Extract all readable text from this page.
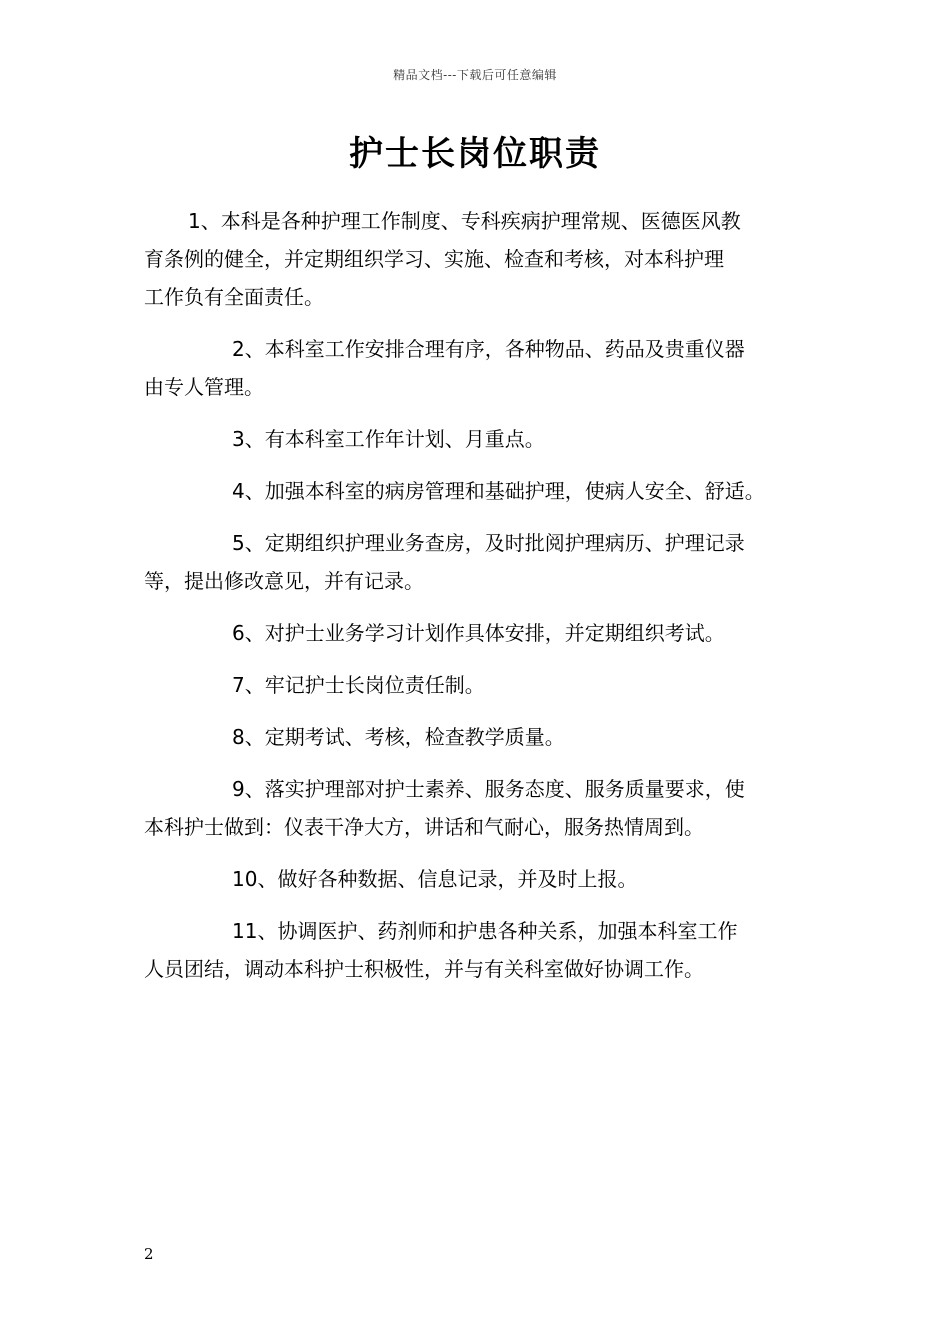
精品文档---下载后可任意编辑
护士长岗位职责

1、本科是各种护理工作制度、专科疾病护理常规、医德医风教
育条例的健全，并定期组织学习、实施、检查和考核，对本科护理
工作负有全面责任。

2、本科室工作安排合理有序，各种物品、药品及贵重仪器
由专人管理。

3、有本科室工作年计划、月重点。

4、加强本科室的病房管理和基础护理，使病人安全、舒适。

5、定期组织护理业务查房，及时批阅护理病历、护理记录
等，提出修改意见，并有记录。

6、对护士业务学习计划作具体安排，并定期组织考试。

7、牢记护士长岗位责任制。

8、定期考试、考核，检查教学质量。

9、落实护理部对护士素养、服务态度、服务质量要求，使
本科护士做到：仪表干净大方，讲话和气耐心，服务热情周到。

10、做好各种数据、信息记录，并及时上报。

11、协调医护、药剂师和护患各种关系，加强本科室工作
人员团结，调动本科护士积极性，并与有关科室做好协调工作。

2
